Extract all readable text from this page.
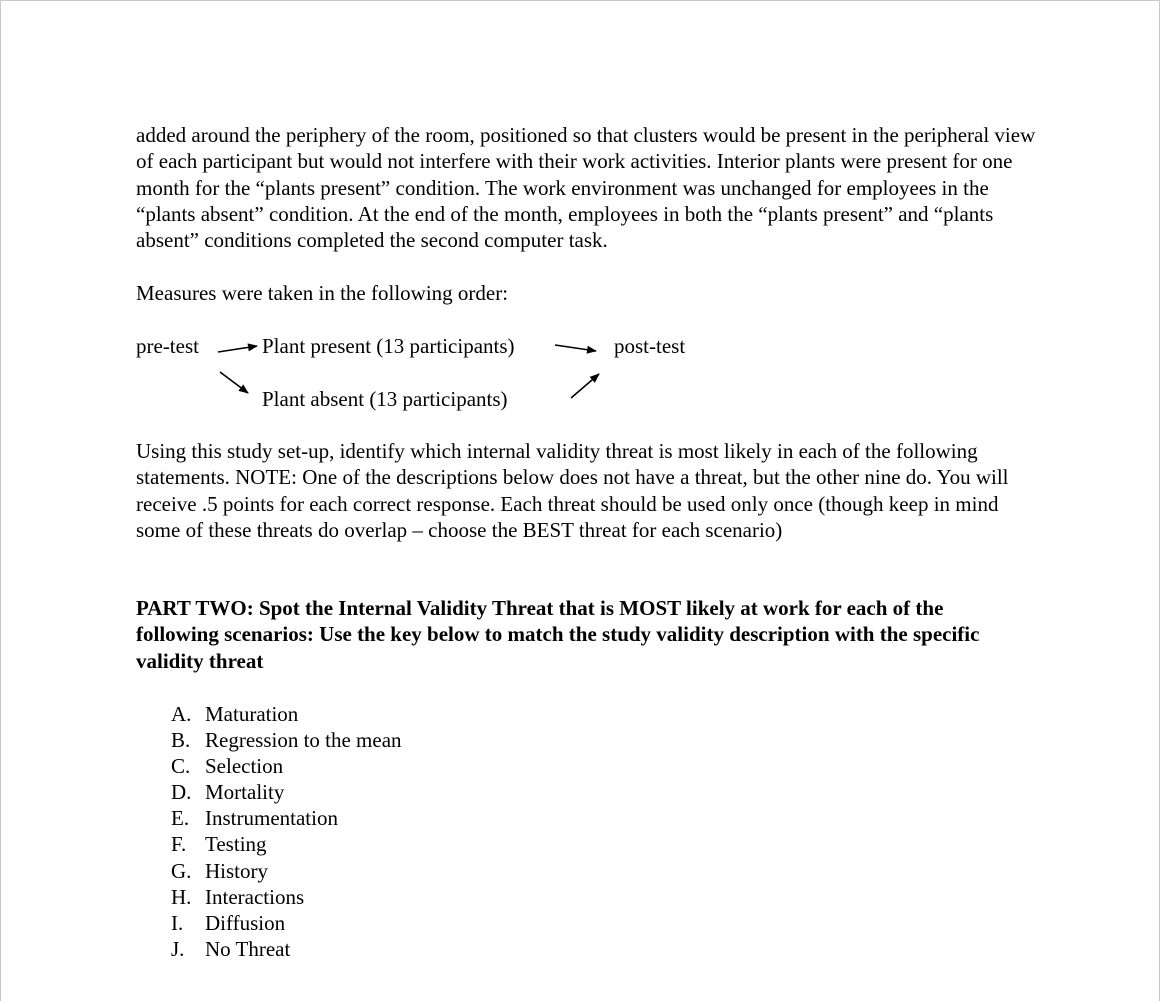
added around the periphery of the room, positioned so that clusters would be present in the peripheral view of each participant but would not interfere with their work activities. Interior plants were present for one month for the “plants present” condition. The work environment was unchanged for employees in the “plants absent” condition. At the end of the month, employees in both the “plants present” and “plants absent” conditions completed the second computer task.

Measures were taken in the following order:

pre-test	Plant present (13 participants)	post-test
Plant absent (13 participants)

Using this study set-up, identify which internal validity threat is most likely in each of the following statements. NOTE: One of the descriptions below does not have a threat, but the other nine do. You will receive .5 points for each correct response. Each threat should be used only once (though keep in mind some of these threats do overlap – choose the BEST threat for each scenario)

PART TWO: Spot the Internal Validity Threat that is MOST likely at work for each of the following scenarios: Use the key below to match the study validity description with the specific validity threat

A. Maturation
B. Regression to the mean
C. Selection
D. Mortality
E. Instrumentation
F. Testing
G. History
H. Interactions
I.	Diffusion
J. No Threat
